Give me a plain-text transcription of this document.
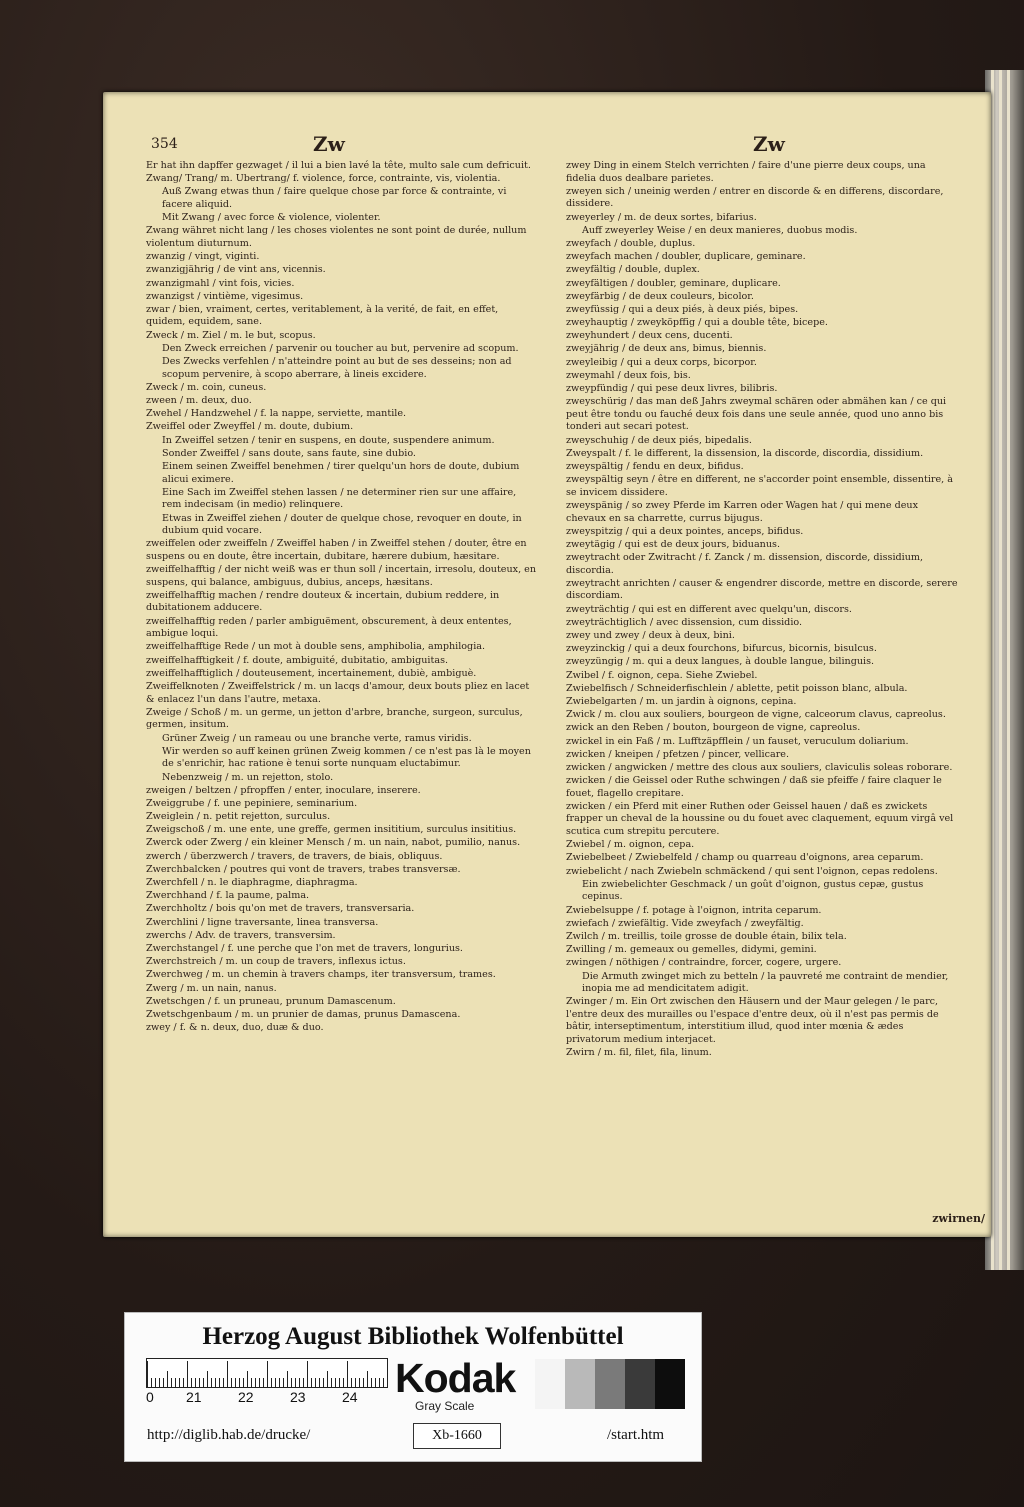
354	Zw	Zw
Er hat ihn dapffer gezwaget / il lui a bien lavé la tête, multo sale cum defricuit.
Zwang/ Trang/ m. Ubertrang/ f. violence, force, contrainte, vis, violentia.
Auß Zwang etwas thun / faire quelque chose par force & contrainte, vi facere aliquid.
Mit Zwang / avec force & violence, violenter.
Zwang währet nicht lang / les choses violentes ne sont point de durée, nullum violentum diuturnum.
zwanzig / vingt, viginti.
zwanzigjährig / de vint ans, vicennis.
zwanzigmahl / vint fois, vicies.
zwanzigst / vintième, vigesimus.
zwar / bien, vraiment, certes, veritablement, à la verité, de fait, en effet, quidem, equidem, sane.
Zweck / m. Ziel / m. le but, scopus.
Den Zweck erreichen / parvenir ou toucher au but, pervenire ad scopum.
Des Zwecks verfehlen / n'atteindre point au but de ses desseins; non ad scopum pervenire, à scopo aberrare, à lineis excidere.
Zweck / m. coin, cuneus.
zween / m. deux, duo.
Zwehel / Handzwehel / f. la nappe, serviette, mantile.
Zweiffel oder Zweyffel / m. doute, dubium.
In Zweiffel setzen / tenir en suspens, en doute, suspendere animum.
Sonder Zweiffel / sans doute, sans faute, sine dubio.
Einem seinen Zweiffel benehmen / tirer quelqu'un hors de doute, dubium alicui eximere.
Eine Sach im Zweiffel stehen lassen / ne determiner rien sur une affaire, rem indecisam (in medio) relinquere.
Etwas in Zweiffel ziehen / douter de quelque chose, revoquer en doute, in dubium quid vocare.
zweiffelen oder zweiffeln / Zweiffel haben / in Zweiffel stehen / douter, être en suspens ou en doute, être incertain, dubitare, hærere dubium, hæsitare.
zweiffelhafftig / der nicht weiß was er thun soll / incertain, irresolu, douteux, en suspens, qui balance, ambiguus, dubius, anceps, hæsitans.
zweiffelhafftig machen / rendre douteux & incertain, dubium reddere, in dubitationem adducere.
zweiffelhafftig reden / parler ambiguëment, obscurement, à deux ententes, ambigue loqui.
zweiffelhafftige Rede / un mot à double sens, amphibolia, amphilogia.
zweiffelhafftigkeit / f. doute, ambiguité, dubitatio, ambiguitas.
zweiffelhafftiglich / douteusement, incertainement, dubiè, ambiguè.
Zweiffelknoten / Zweiffelstrick / m. un lacqs d'amour, deux bouts pliez en lacet & enlacez l'un dans l'autre, metaxa.
Zweige / Schoß / m. un germe, un jetton d'arbre, branche, surgeon, surculus, germen, insitum.
Grüner Zweig / un rameau ou une branche verte, ramus viridis.
Wir werden so auff keinen grünen Zweig kommen / ce n'est pas là le moyen de s'enrichir, hac ratione è tenui sorte nunquam eluctabimur.
Nebenzweig / m. un rejetton, stolo.
zweigen / beltzen / pfropffen / enter, inoculare, inserere.
Zweiggrube / f. une pepiniere, seminarium.
Zweiglein / n. petit rejetton, surculus.
Zweigschoß / m. une ente, une greffe, germen insititium, surculus insititius.
Zwerck oder Zwerg / ein kleiner Mensch / m. un nain, nabot, pumilio, nanus.
zwerch / überzwerch / travers, de travers, de biais, obliquus.
Zwerchbalcken / poutres qui vont de travers, trabes transversæ.
Zwerchfell / n. le diaphragme, diaphragma.
Zwerchhand / f. la paume, palma.
Zwerchholtz / bois qu'on met de travers, transversaria.
Zwerchlini / ligne traversante, linea transversa.
zwerchs / Adv. de travers, transversim.
Zwerchstangel / f. une perche que l'on met de travers, longurius.
Zwerchstreich / m. un coup de travers, inflexus ictus.
Zwerchweg / m. un chemin à travers champs, iter transversum, trames.
Zwerg / m. un nain, nanus.
Zwetschgen / f. un pruneau, prunum Damascenum.
Zwetschgenbaum / m. un prunier de damas, prunus Damascena.
zwey / f. & n. deux, duo, duæ & duo.
zwey Ding in einem Stelch verrichten / faire d'une pierre deux coups, una fidelia duos dealbare parietes.
zweyen sich / uneinig werden / entrer en discorde & en differens, discordare, dissidere.
zweyerley / m. de deux sortes, bifarius.
Auff zweyerley Weise / en deux manieres, duobus modis.
zweyfach / double, duplus.
zweyfach machen / doubler, duplicare, geminare.
zweyfältig / double, duplex.
zweyfältigen / doubler, geminare, duplicare.
zweyfärbig / de deux couleurs, bicolor.
zweyfüssig / qui a deux piés, à deux piés, bipes.
zweyhauptig / zweyköpffig / qui a double tête, bicepe.
zweyhundert / deux cens, ducenti.
zweyjährig / de deux ans, bimus, biennis.
zweyleibig / qui a deux corps, bicorpor.
zweymahl / deux fois, bis.
zweypfündig / qui pese deux livres, bilibris.
zweyschürig / das man deß Jahrs zweymal schären oder abmähen kan / ce qui peut être tondu ou fauché deux fois dans une seule année, quod uno anno bis tonderi aut secari potest.
zweyschuhig / de deux piés, bipedalis.
Zweyspalt / f. le different, la dissension, la discorde, discordia, dissidium.
zweyspältig / fendu en deux, bifidus.
zweyspältig seyn / être en different, ne s'accorder point ensemble, dissentire, à se invicem dissidere.
zweyspänig / so zwey Pferde im Karren oder Wagen hat / qui mene deux chevaux en sa charrette, currus bijugus.
zweyspitzig / qui a deux pointes, anceps, bifidus.
zweytägig / qui est de deux jours, biduanus.
zweytracht oder Zwitracht / f. Zanck / m. dissension, discorde, dissidium, discordia.
zweytracht anrichten / causer & engendrer discorde, mettre en discorde, serere discordiam.
zweyträchtig / qui est en different avec quelqu'un, discors.
zweyträchtiglich / avec dissension, cum dissidio.
zwey und zwey / deux à deux, bini.
zweyzinckig / qui a deux fourchons, bifurcus, bicornis, bisulcus.
zweyzüngig / m. qui a deux langues, à double langue, bilinguis.
Zwibel / f. oignon, cepa. Siehe Zwiebel.
Zwiebelfisch / Schneiderfischlein / ablette, petit poisson blanc, albula.
Zwiebelgarten / m. un jardin à oignons, cepina.
Zwick / m. clou aux souliers, bourgeon de vigne, calceorum clavus, capreolus.
zwick an den Reben / bouton, bourgeon de vigne, capreolus.
zwickel in ein Faß / m. Lufftzäpfflein / un fauset, veruculum doliarium.
zwicken / kneipen / pfetzen / pincer, vellicare.
zwicken / angwicken / mettre des clous aux souliers, claviculis soleas roborare.
zwicken / die Geissel oder Ruthe schwingen / daß sie pfeiffe / faire claquer le fouet, flagello crepitare.
zwicken / ein Pferd mit einer Ruthen oder Geissel hauen / daß es zwickets frapper un cheval de la houssine ou du fouet avec claquement, equum virgâ vel scutica cum strepitu percutere.
Zwiebel / m. oignon, cepa.
Zwiebelbeet / Zwiebelfeld / champ ou quarreau d'oignons, area ceparum.
zwiebelicht / nach Zwiebeln schmäckend / qui sent l'oignon, cepas redolens.
Ein zwiebelichter Geschmack / un goût d'oignon, gustus cepæ, gustus cepinus.
Zwiebelsuppe / f. potage à l'oignon, intrita ceparum.
zwiefach / zwiefältig. Vide zweyfach / zweyfältig.
Zwilch / m. treillis, toile grosse de double étain, bilix tela.
Zwilling / m. gemeaux ou gemelles, didymi, gemini.
zwingen / nöthigen / contraindre, forcer, cogere, urgere.
Die Armuth zwinget mich zu betteln / la pauvreté me contraint de mendier, inopia me ad mendicitatem adigit.
Zwinger / m. Ein Ort zwischen den Häusern und der Maur gelegen / le parc, l'entre deux des murailles ou l'espace d'entre deux, où il n'est pas permis de bâtir, interseptimentum, interstitium illud, quod inter mœnia & ædes privatorum medium interjacet.
Zwirn / m. fil, filet, fila, linum.
zwirnen/
Herzog August Bibliothek Wolfenbüttel
0 21	22	23	24 Kodak
Gray Scale
http://diglib.hab.de/drucke/	Xb-1660	/start.htm
